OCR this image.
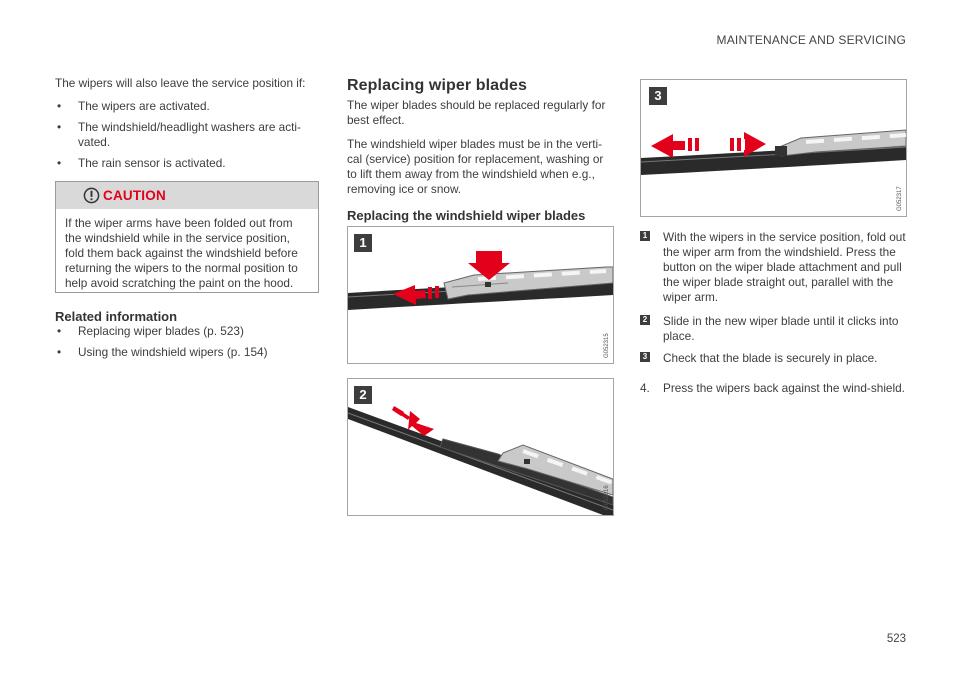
MAINTENANCE AND SERVICING
The wipers will also leave the service position if:
• The wipers are activated.
• The windshield/headlight washers are acti-vated.
• The rain sensor is activated.
CAUTION
If the wiper arms have been folded out from the windshield while in the service position, fold them back against the windshield before returning the wipers to the normal position to help avoid scratching the paint on the hood.
Related information
• Replacing wiper blades (p. 523)
• Using the windshield wipers (p. 154)
Replacing wiper blades
The wiper blades should be replaced regularly for best effect.
The windshield wiper blades must be in the verti-cal (service) position for replacement, washing or to lift them away from the windshield when e.g., removing ice or snow.
Replacing the windshield wiper blades
1
G052315
2
G052316
3
G052317
1 With the wipers in the service position, fold out the wiper arm from the windshield. Press the button on the wiper blade attachment and pull the wiper blade straight out, parallel with the wiper arm.
2 Slide in the new wiper blade until it clicks into place.
3 Check that the blade is securely in place.
4. Press the wipers back against the wind-shield.
523
